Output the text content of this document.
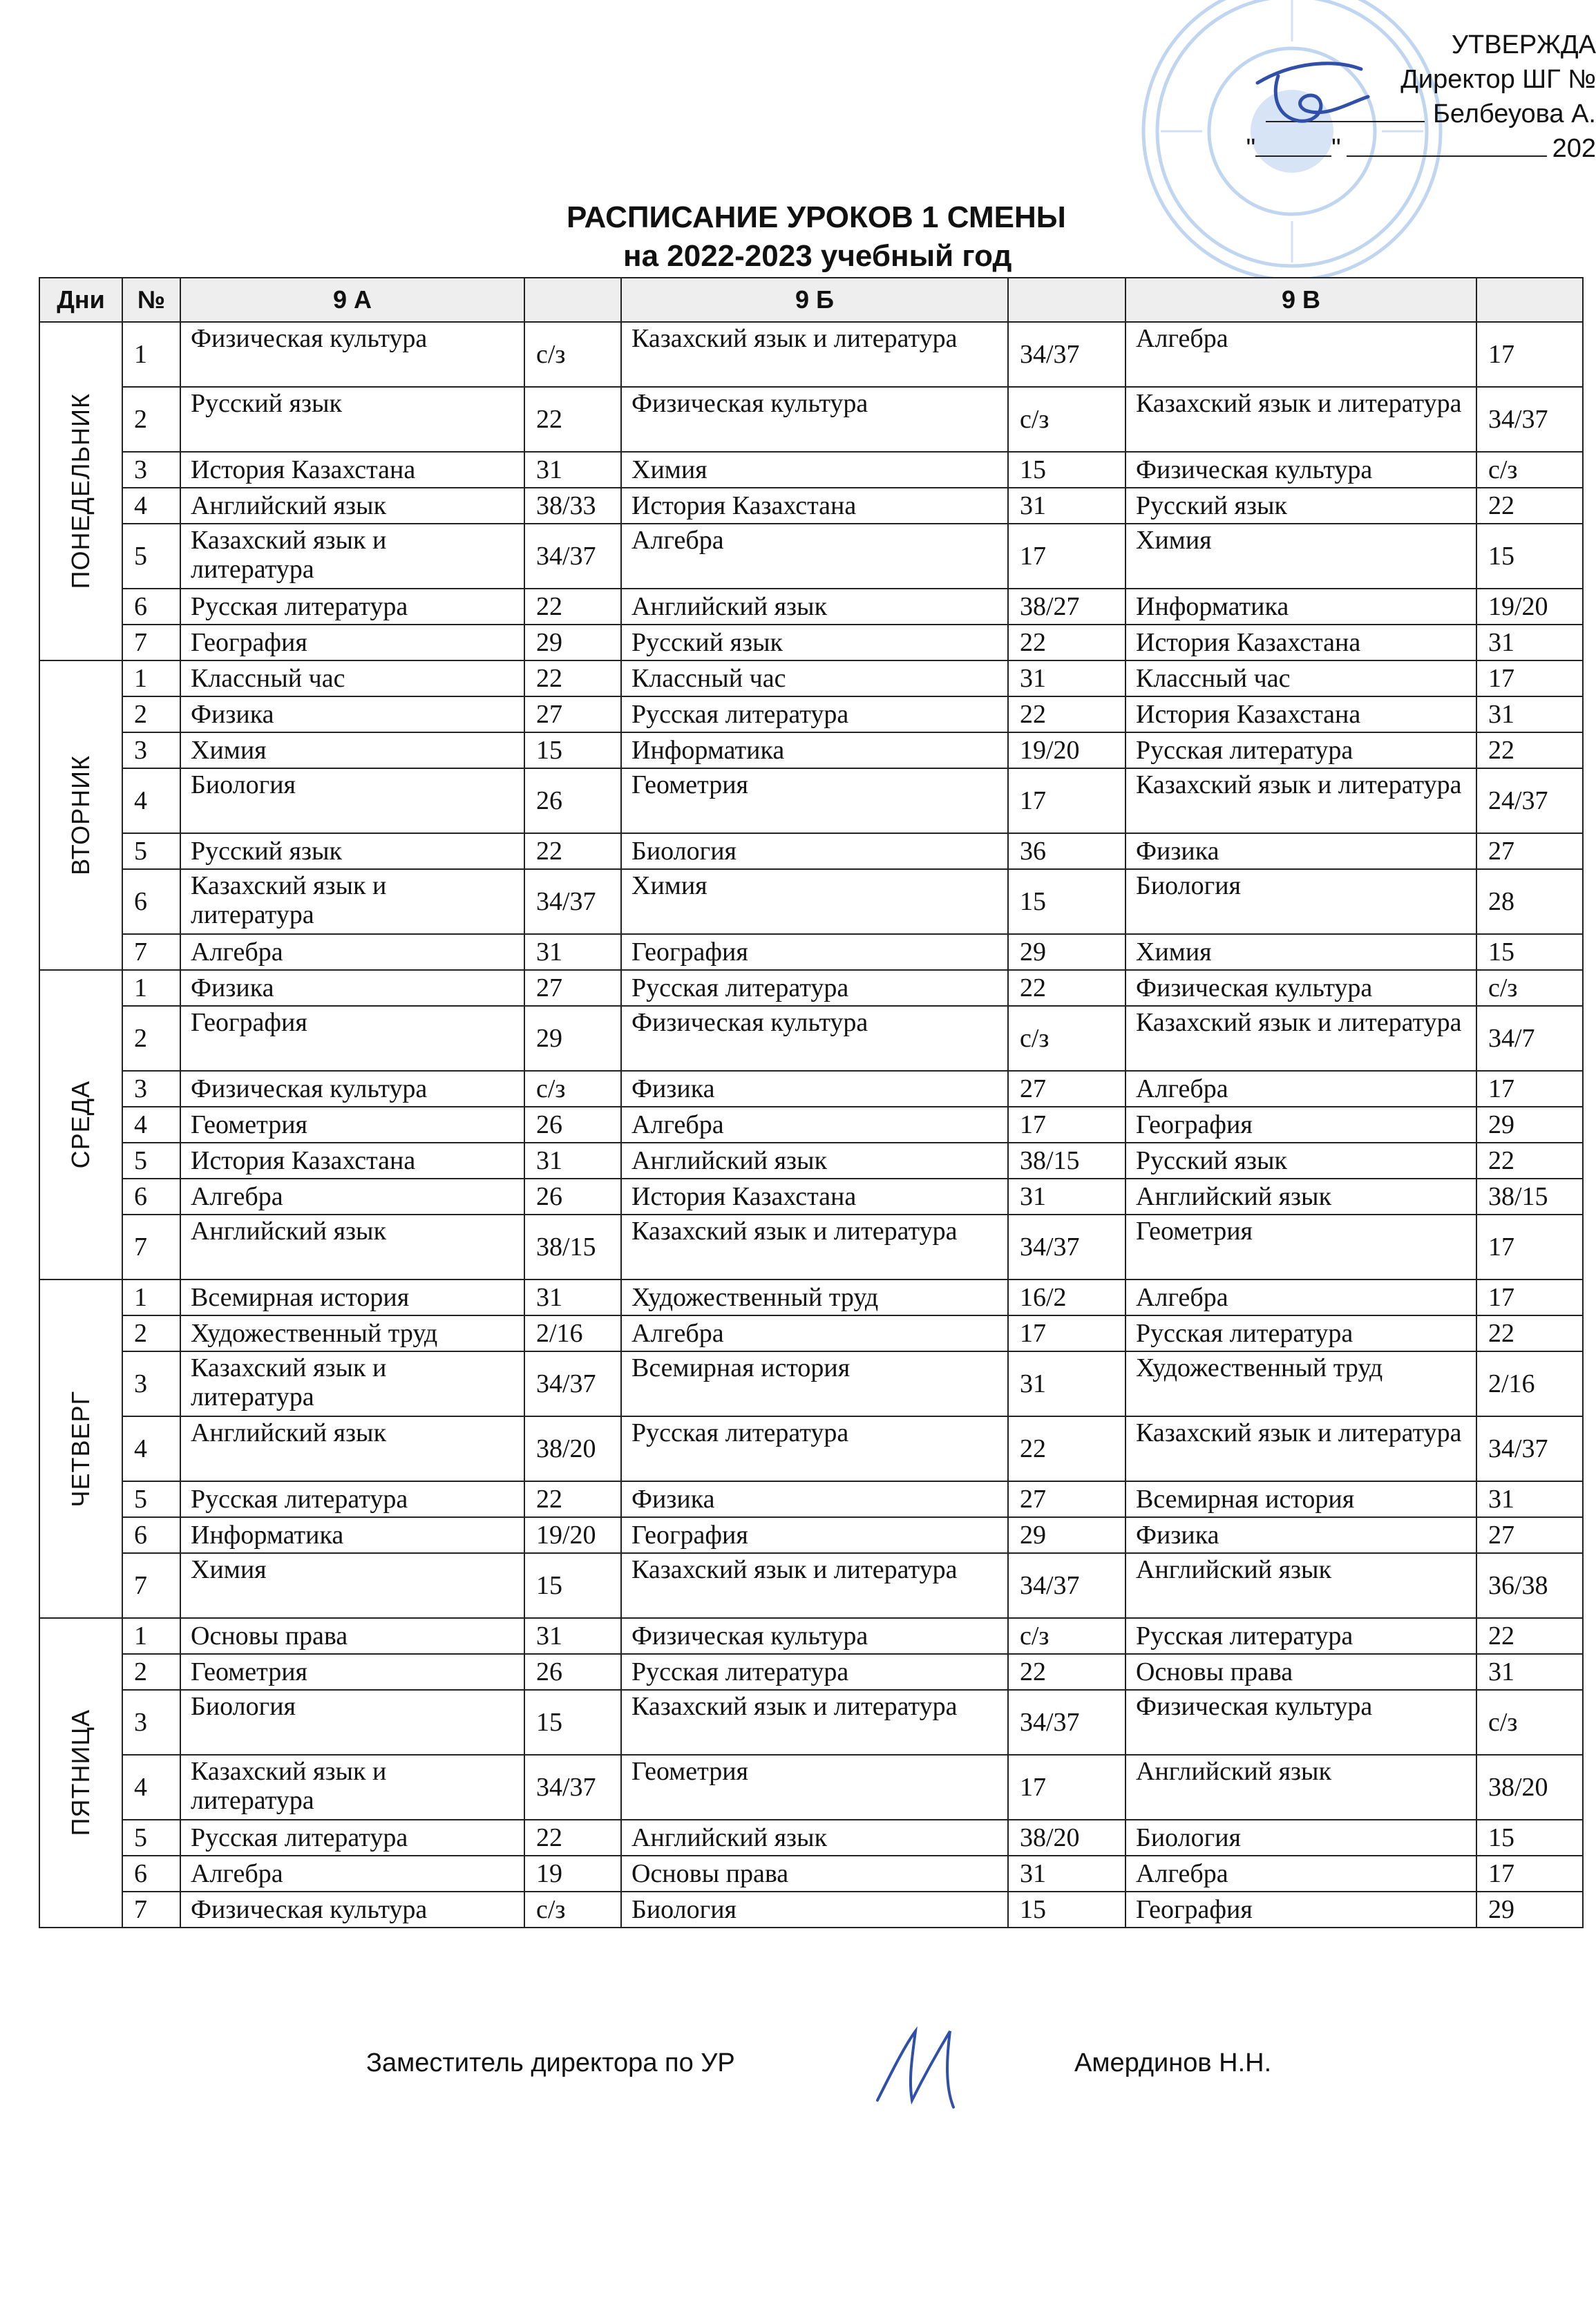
УТВЕРЖДА
Директор ШГ №
Белбеуова А.
"	"	202
РАСПИСАНИЕ УРОКОВ 1 СМЕНЫ
на 2022-2023 учебный год
Дни	№	9 А		9 Б		9 В	

ПОНЕДЕЛЬНИК	1	Физическая культура	с/з	Казахский язык и литература	34/37	Алгебра	17
	2	Русский язык	22	Физическая культура	с/з	Казахский язык и литература	34/37
	3	История Казахстана	31	Химия	15	Физическая культура	с/з
	4	Английский язык	38/33	История Казахстана	31	Русский язык	22
	5	Казахский язык и литература	34/37	Алгебра	17	Химия	15
	6	Русская литература	22	Английский язык	38/27	Информатика	19/20
	7	География	29	Русский язык	22	История Казахстана	31

ВТОРНИК	1	Классный час	22	Классный час	31	Классный час	17
	2	Физика	27	Русская литература	22	История Казахстана	31
	3	Химия	15	Информатика	19/20	Русская литература	22
	4	Биология	26	Геометрия	17	Казахский язык и литература	24/37
	5	Русский язык	22	Биология	36	Физика	27
	6	Казахский язык и литература	34/37	Химия	15	Биология	28
	7	Алгебра	31	География	29	Химия	15

СРЕДА	1	Физика	27	Русская литература	22	Физическая культура	с/з
	2	География	29	Физическая культура	с/з	Казахский язык и литература	34/7
	3	Физическая культура	с/з	Физика	27	Алгебра	17
	4	Геометрия	26	Алгебра	17	География	29
	5	История Казахстана	31	Английский язык	38/15	Русский язык	22
	6	Алгебра	26	История Казахстана	31	Английский язык	38/15
	7	Английский язык	38/15	Казахский язык и литература	34/37	Геометрия	17

ЧЕТВЕРГ	1	Всемирная история	31	Художественный труд	16/2	Алгебра	17
	2	Художественный труд	2/16	Алгебра	17	Русская литература	22
	3	Казахский язык и литература	34/37	Всемирная история	31	Художественный труд	2/16
	4	Английский язык	38/20	Русская литература	22	Казахский язык и литература	34/37
	5	Русская литература	22	Физика	27	Всемирная история	31
	6	Информатика	19/20	География	29	Физика	27
	7	Химия	15	Казахский язык и литература	34/37	Английский язык	36/38

ПЯТНИЦА	1	Основы права	31	Физическая культура	с/з	Русская литература	22
	2	Геометрия	26	Русская литература	22	Основы права	31
	3	Биология	15	Казахский язык и литература	34/37	Физическая культура	с/з
	4	Казахский язык и литература	34/37	Геометрия	17	Английский язык	38/20
	5	Русская литература	22	Английский язык	38/20	Биология	15
	6	Алгебра	19	Основы права	31	Алгебра	17
	7	Физическая культура	с/з	Биология	15	География	29
Заместитель директора по УР	Амердинов Н.Н.
